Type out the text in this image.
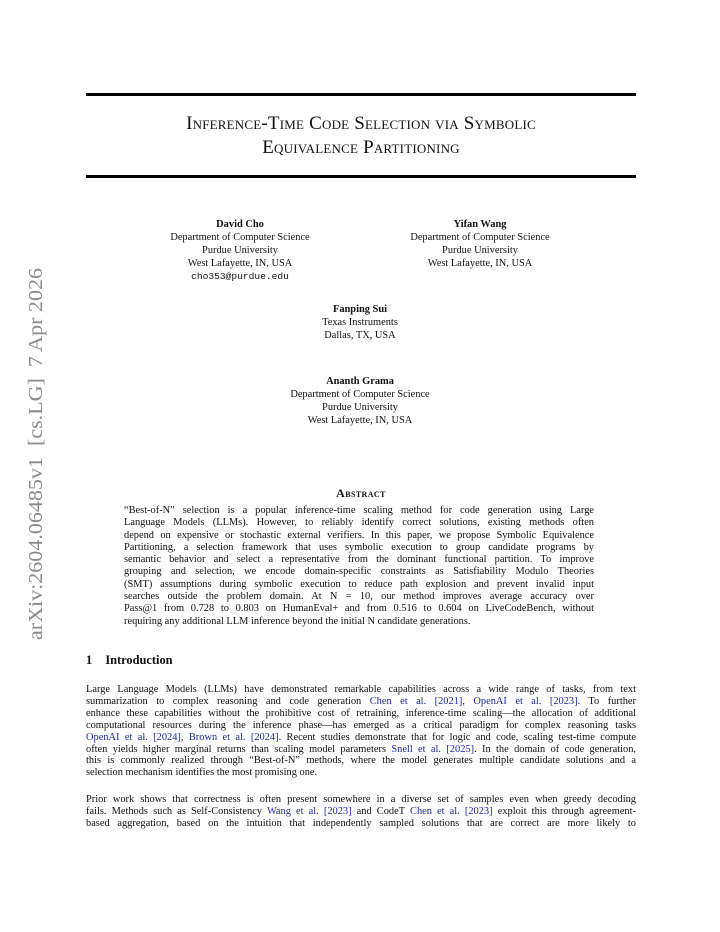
arXiv:2604.06485v1  [cs.LG]  7 Apr 2026
Inference-Time Code Selection via Symbolic
Equivalence Partitioning
David Cho
Department of Computer Science
Purdue University
West Lafayette, IN, USA
cho353@purdue.edu
Yifan Wang
Department of Computer Science
Purdue University
West Lafayette, IN, USA
Fanping Sui
Texas Instruments
Dallas, TX, USA
Ananth Grama
Department of Computer Science
Purdue University
West Lafayette, IN, USA
Abstract
“Best-of-N” selection is a popular inference-time scaling method for code generation using Large
Language Models (LLMs). However, to reliably identify correct solutions, existing methods often
depend on expensive or stochastic external verifiers. In this paper, we propose Symbolic Equivalence
Partitioning, a selection framework that uses symbolic execution to group candidate programs by
semantic behavior and select a representative from the dominant functional partition. To improve
grouping and selection, we encode domain-specific constraints as Satisfiability Modulo Theories
(SMT) assumptions during symbolic execution to reduce path explosion and prevent invalid input
searches outside the problem domain. At N = 10, our method improves average accuracy over
Pass@1 from 0.728 to 0.803 on HumanEval+ and from 0.516 to 0.604 on LiveCodeBench, without
requiring any additional LLM inference beyond the initial N candidate generations.
1 Introduction
Large Language Models (LLMs) have demonstrated remarkable capabilities across a wide range of tasks, from text
summarization to complex reasoning and code generation Chen et al. [2021], OpenAI et al. [2023]. To further
enhance these capabilities without the prohibitive cost of retraining, inference-time scaling—the allocation of additional
computational resources during the inference phase—has emerged as a critical paradigm for complex reasoning tasks
OpenAI et al. [2024], Brown et al. [2024]. Recent studies demonstrate that for logic and code, scaling test-time compute
often yields higher marginal returns than scaling model parameters Snell et al. [2025]. In the domain of code generation,
this is commonly realized through “Best-of-N” methods, where the model generates multiple candidate solutions and a
selection mechanism identifies the most promising one.
Prior work shows that correctness is often present somewhere in a diverse set of samples even when greedy decoding
fails. Methods such as Self-Consistency Wang et al. [2023] and CodeT Chen et al. [2023] exploit this through agreement-
based aggregation, based on the intuition that independently sampled solutions that are correct are more likely to
